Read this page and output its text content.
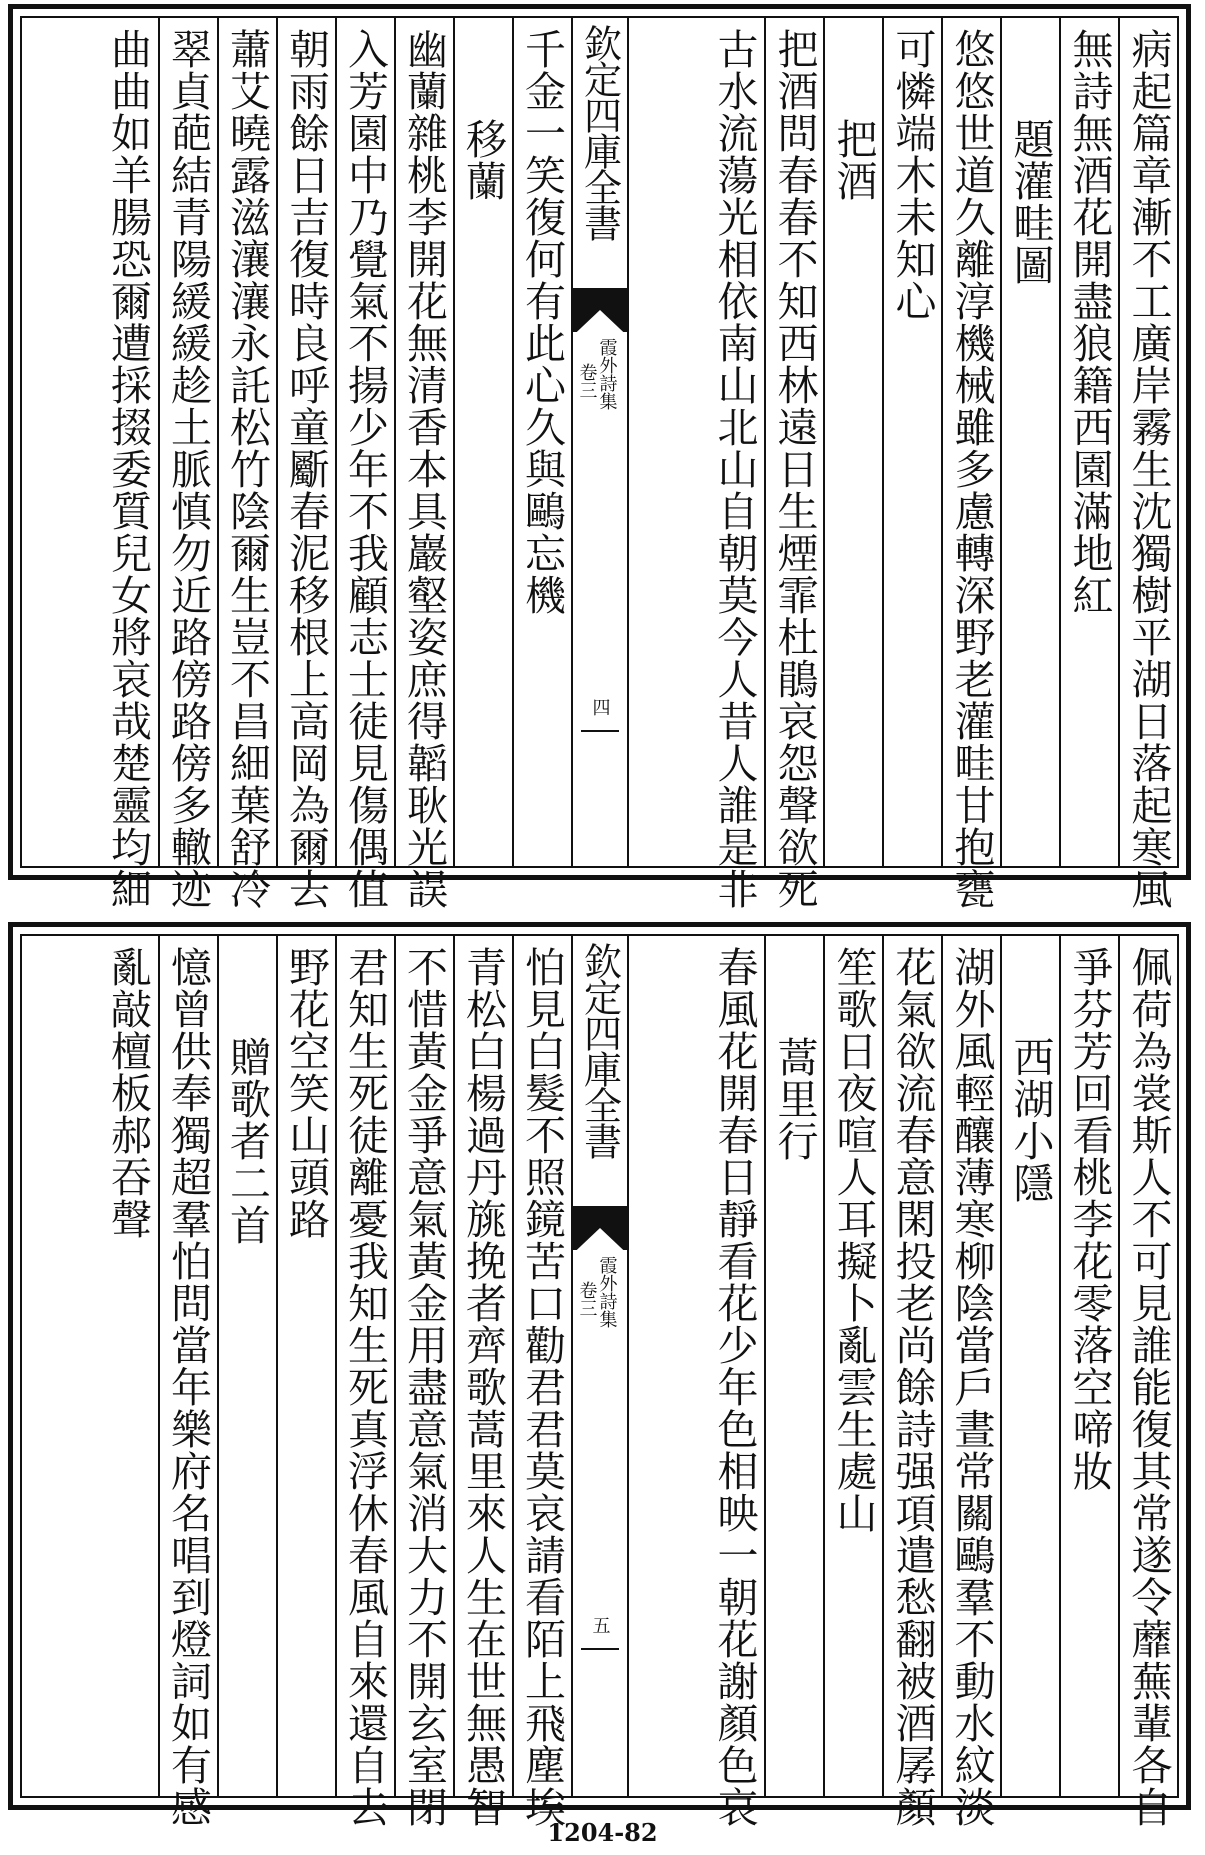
病起篇章漸不工廣岸霧生沈獨樹平湖日落起寒風
無詩無酒花開盡狼籍西園滿地紅
題灌畦圖
悠悠世道久離淳機械雖多慮轉深野老灌畦甘抱甕
可憐端木未知心
把酒
把酒問春春不知西林遠日生煙霏杜鵑哀怨聲欲死
古水流蕩光相依南山北山自朝莫今人昔人誰是非
千金一笑復何有此心久與鷗忘機
移蘭
幽蘭雜桃李開花無清香本具巖壑姿庶得韜耿光誤
入芳園中乃覺氣不揚少年不我顧志士徒見傷偶值
朝雨餘日吉復時良呼童斸春泥移根上高岡為爾去
蕭艾曉露滋瀼瀼永託松竹陰爾生豈不昌細葉舒冷
翠貞葩結青陽緩緩趁土脈慎勿近路傍路傍多轍迹
曲曲如羊腸恐爾遭採掇委質兒女將哀哉楚靈均細	欽定四庫全書
霞外詩集
卷三
四
佩荷為裳斯人不可見誰能復其常遂令蘼蕪輩各自
爭芬芳回看桃李花零落空啼妝
西湖小隱
湖外風輕釀薄寒柳陰當戶晝常關鷗羣不動水紋淡
花氣欲流春意閑投老尚餘詩强項遣愁翻被酒孱顏
笙歌日夜喧人耳擬卜亂雲生處山
蒿里行
春風花開春日靜看花少年色相映一朝花謝顏色哀
怕見白髮不照鏡苦口勸君君莫哀請看陌上飛塵埃
青松白楊過丹旐挽者齊歌蒿里來人生在世無愚智
不惜黃金爭意氣黃金用盡意氣消大力不開玄室閉
君知生死徒離憂我知生死真浮休春風自來還自去
野花空笑山頭路
贈歌者二首
憶曾供奉獨超羣怕問當年樂府名唱到燈詞如有感
亂敲檀板郝吞聲	欽定四庫全書
霞外詩集
卷三
五
1204-82
